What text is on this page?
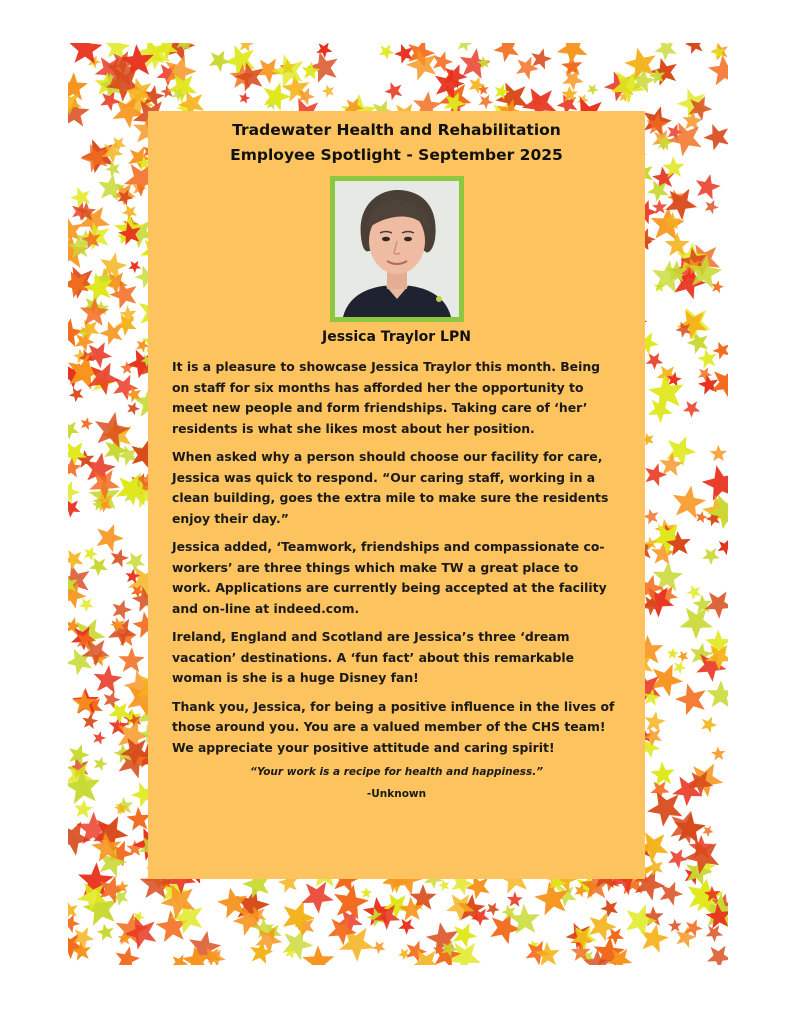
Tradewater Health and Rehabilitation
Employee Spotlight - September 2025
Jessica Traylor LPN

It is a pleasure to showcase Jessica Traylor this month. Being on staff for six months has afforded her the opportunity to meet new people and form friendships. Taking care of ‘her’ residents is what she likes most about her position.

When asked why a person should choose our facility for care, Jessica was quick to respond. “Our caring staff, working in a clean building, goes the extra mile to make sure the residents enjoy their day.”

Jessica added, ‘Teamwork, friendships and compassionate co-workers’ are three things which make TW a great place to work. Applications are currently being accepted at the facility and on-line at indeed.com.

Ireland, England and Scotland are Jessica’s three ‘dream vacation’ destinations. A ‘fun fact’ about this remarkable woman is she is a huge Disney fan!

Thank you, Jessica, for being a positive influence in the lives of those around you. You are a valued member of the CHS team! We appreciate your positive attitude and caring spirit!

“Your work is a recipe for health and happiness.”

-Unknown
